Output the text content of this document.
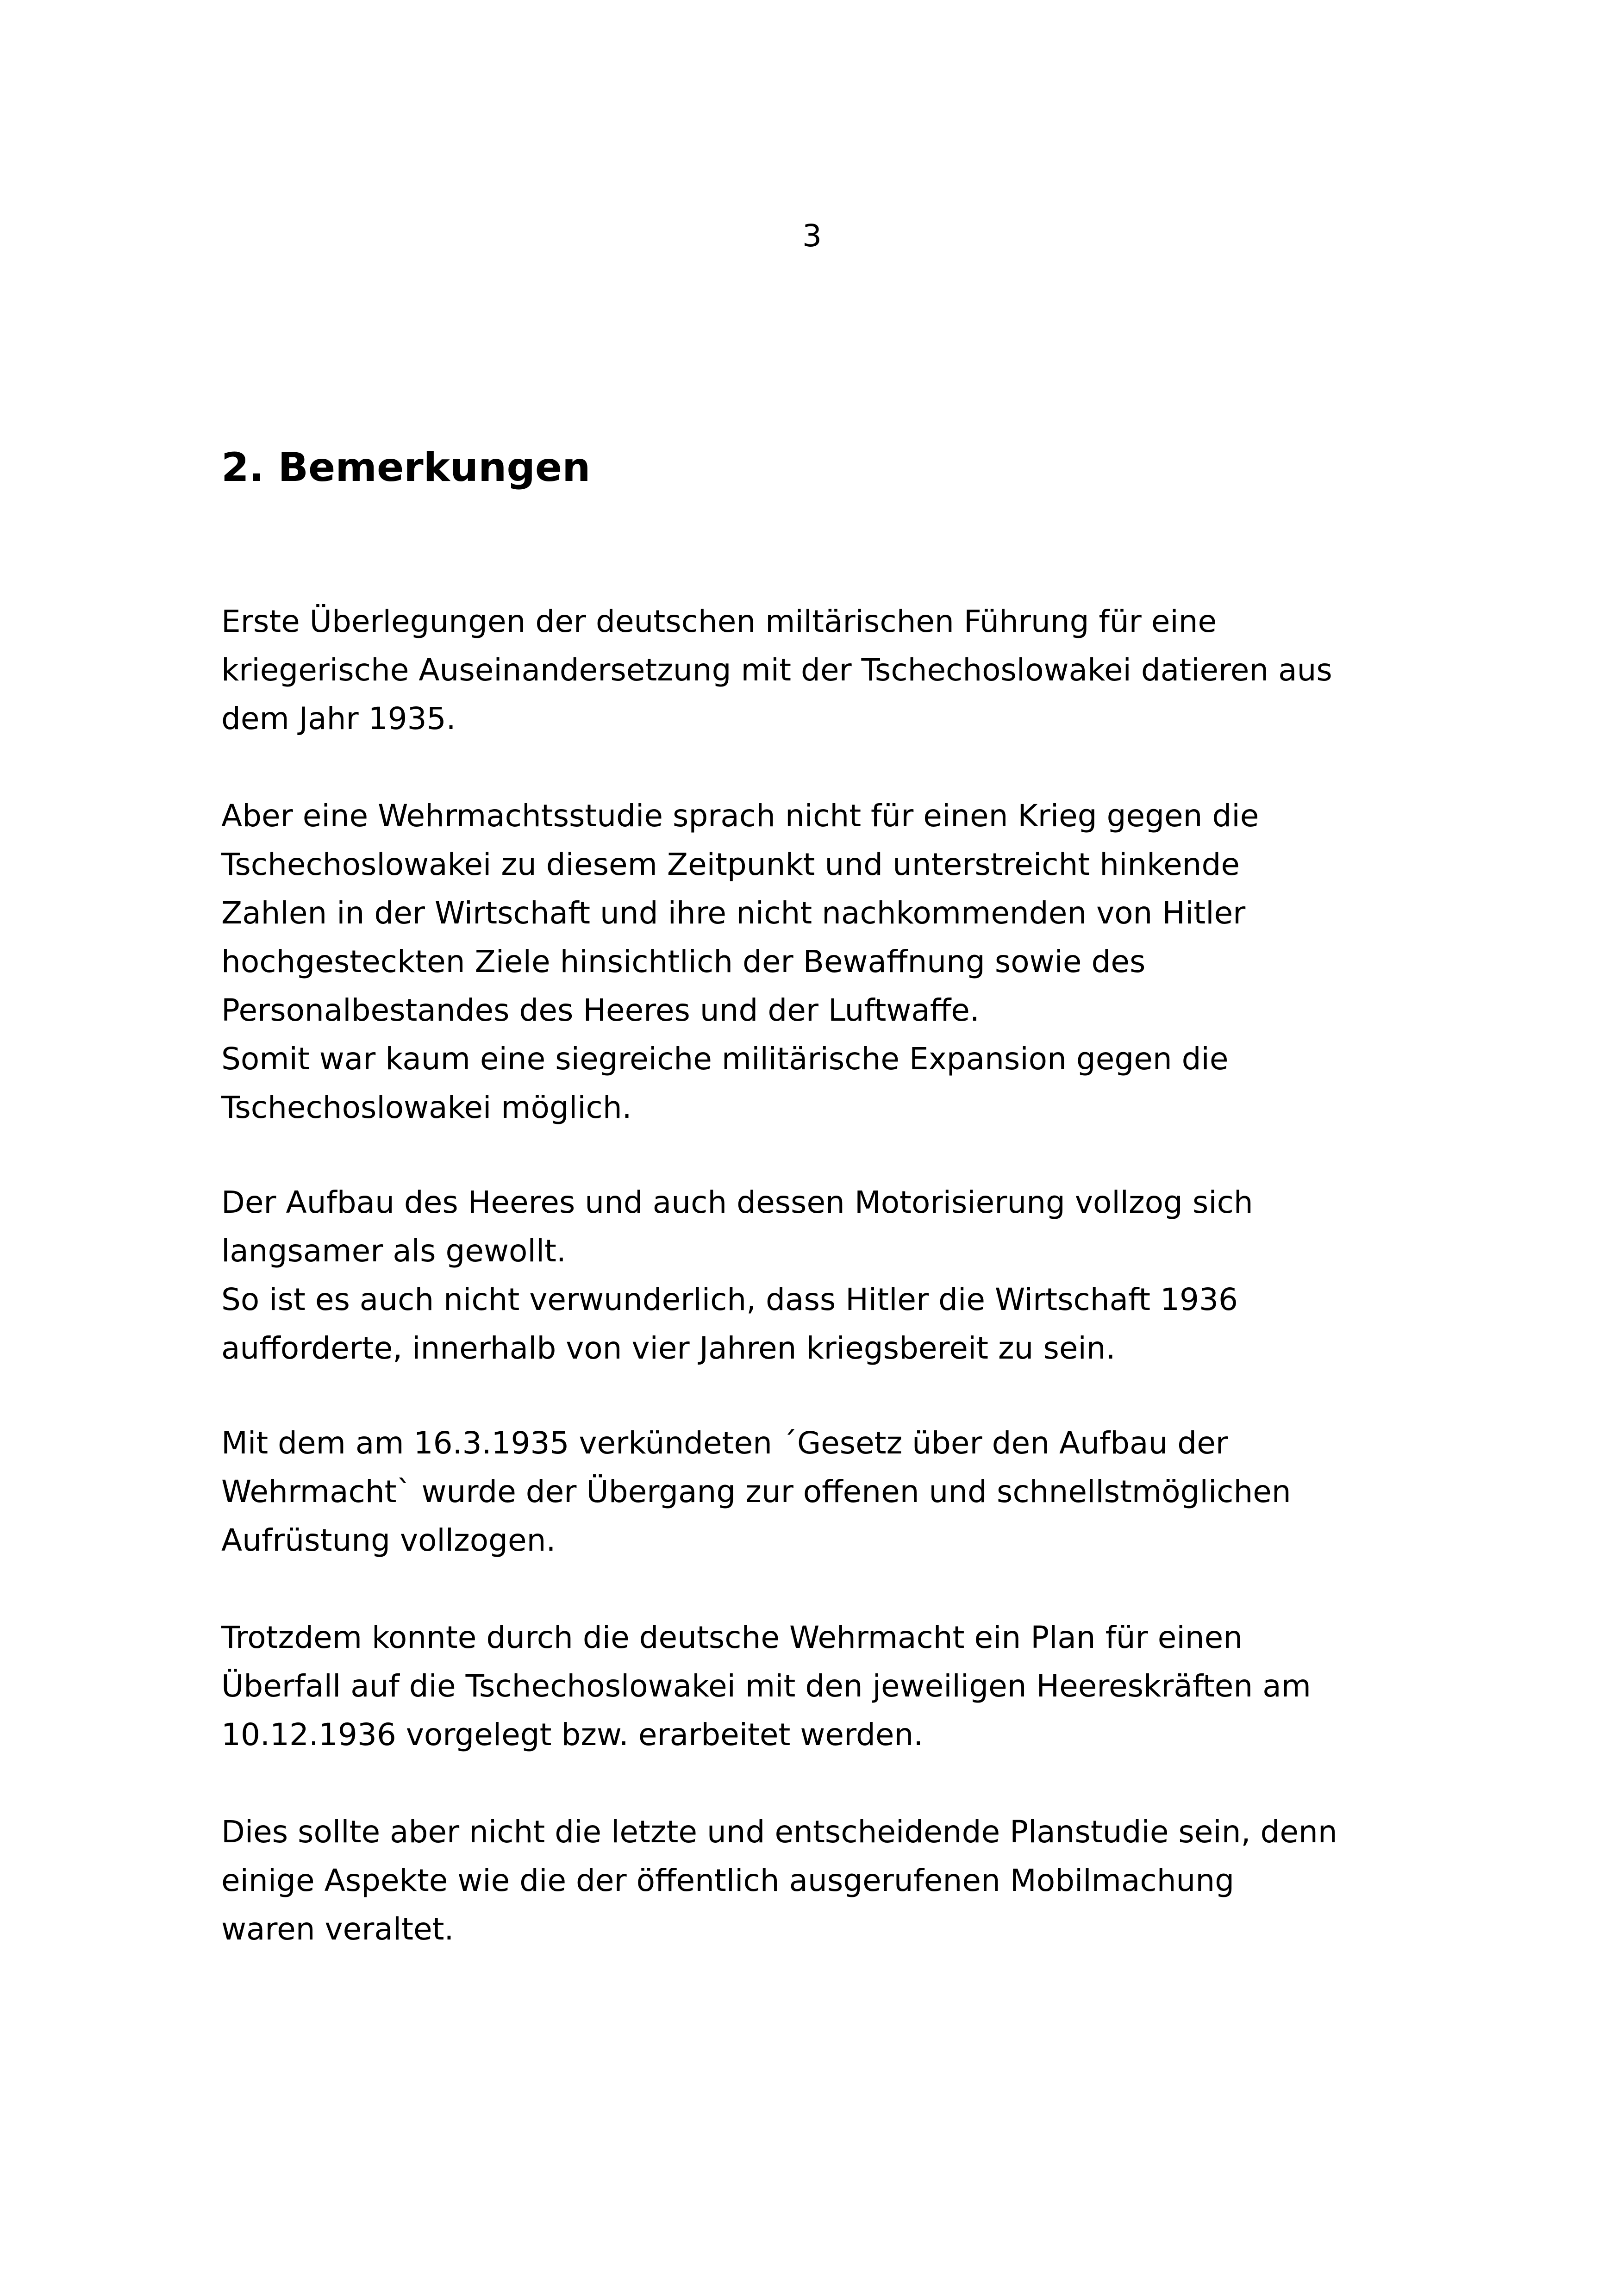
3
2. Bemerkungen

Erste Überlegungen der deutschen miltärischen Führung für eine
kriegerische Auseinandersetzung mit der Tschechoslowakei datieren aus
dem Jahr 1935.

Aber eine Wehrmachtsstudie sprach nicht für einen Krieg gegen die
Tschechoslowakei zu diesem Zeitpunkt und unterstreicht hinkende
Zahlen in der Wirtschaft und ihre nicht nachkommenden von Hitler
hochgesteckten Ziele hinsichtlich der Bewaffnung sowie des
Personalbestandes des Heeres und der Luftwaffe.
Somit war kaum eine siegreiche militärische Expansion gegen die
Tschechoslowakei möglich.

Der Aufbau des Heeres und auch dessen Motorisierung vollzog sich
langsamer als gewollt.
So ist es auch nicht verwunderlich, dass Hitler die Wirtschaft 1936
aufforderte, innerhalb von vier Jahren kriegsbereit zu sein.

Mit dem am 16.3.1935 verkündeten ´Gesetz über den Aufbau der
Wehrmacht` wurde der Übergang zur offenen und schnellstmöglichen
Aufrüstung vollzogen.

Trotzdem konnte durch die deutsche Wehrmacht ein Plan für einen
Überfall auf die Tschechoslowakei mit den jeweiligen Heereskräften am
10.12.1936 vorgelegt bzw. erarbeitet werden.

Dies sollte aber nicht die letzte und entscheidende Planstudie sein, denn
einige Aspekte wie die der öffentlich ausgerufenen Mobilmachung
waren veraltet.
